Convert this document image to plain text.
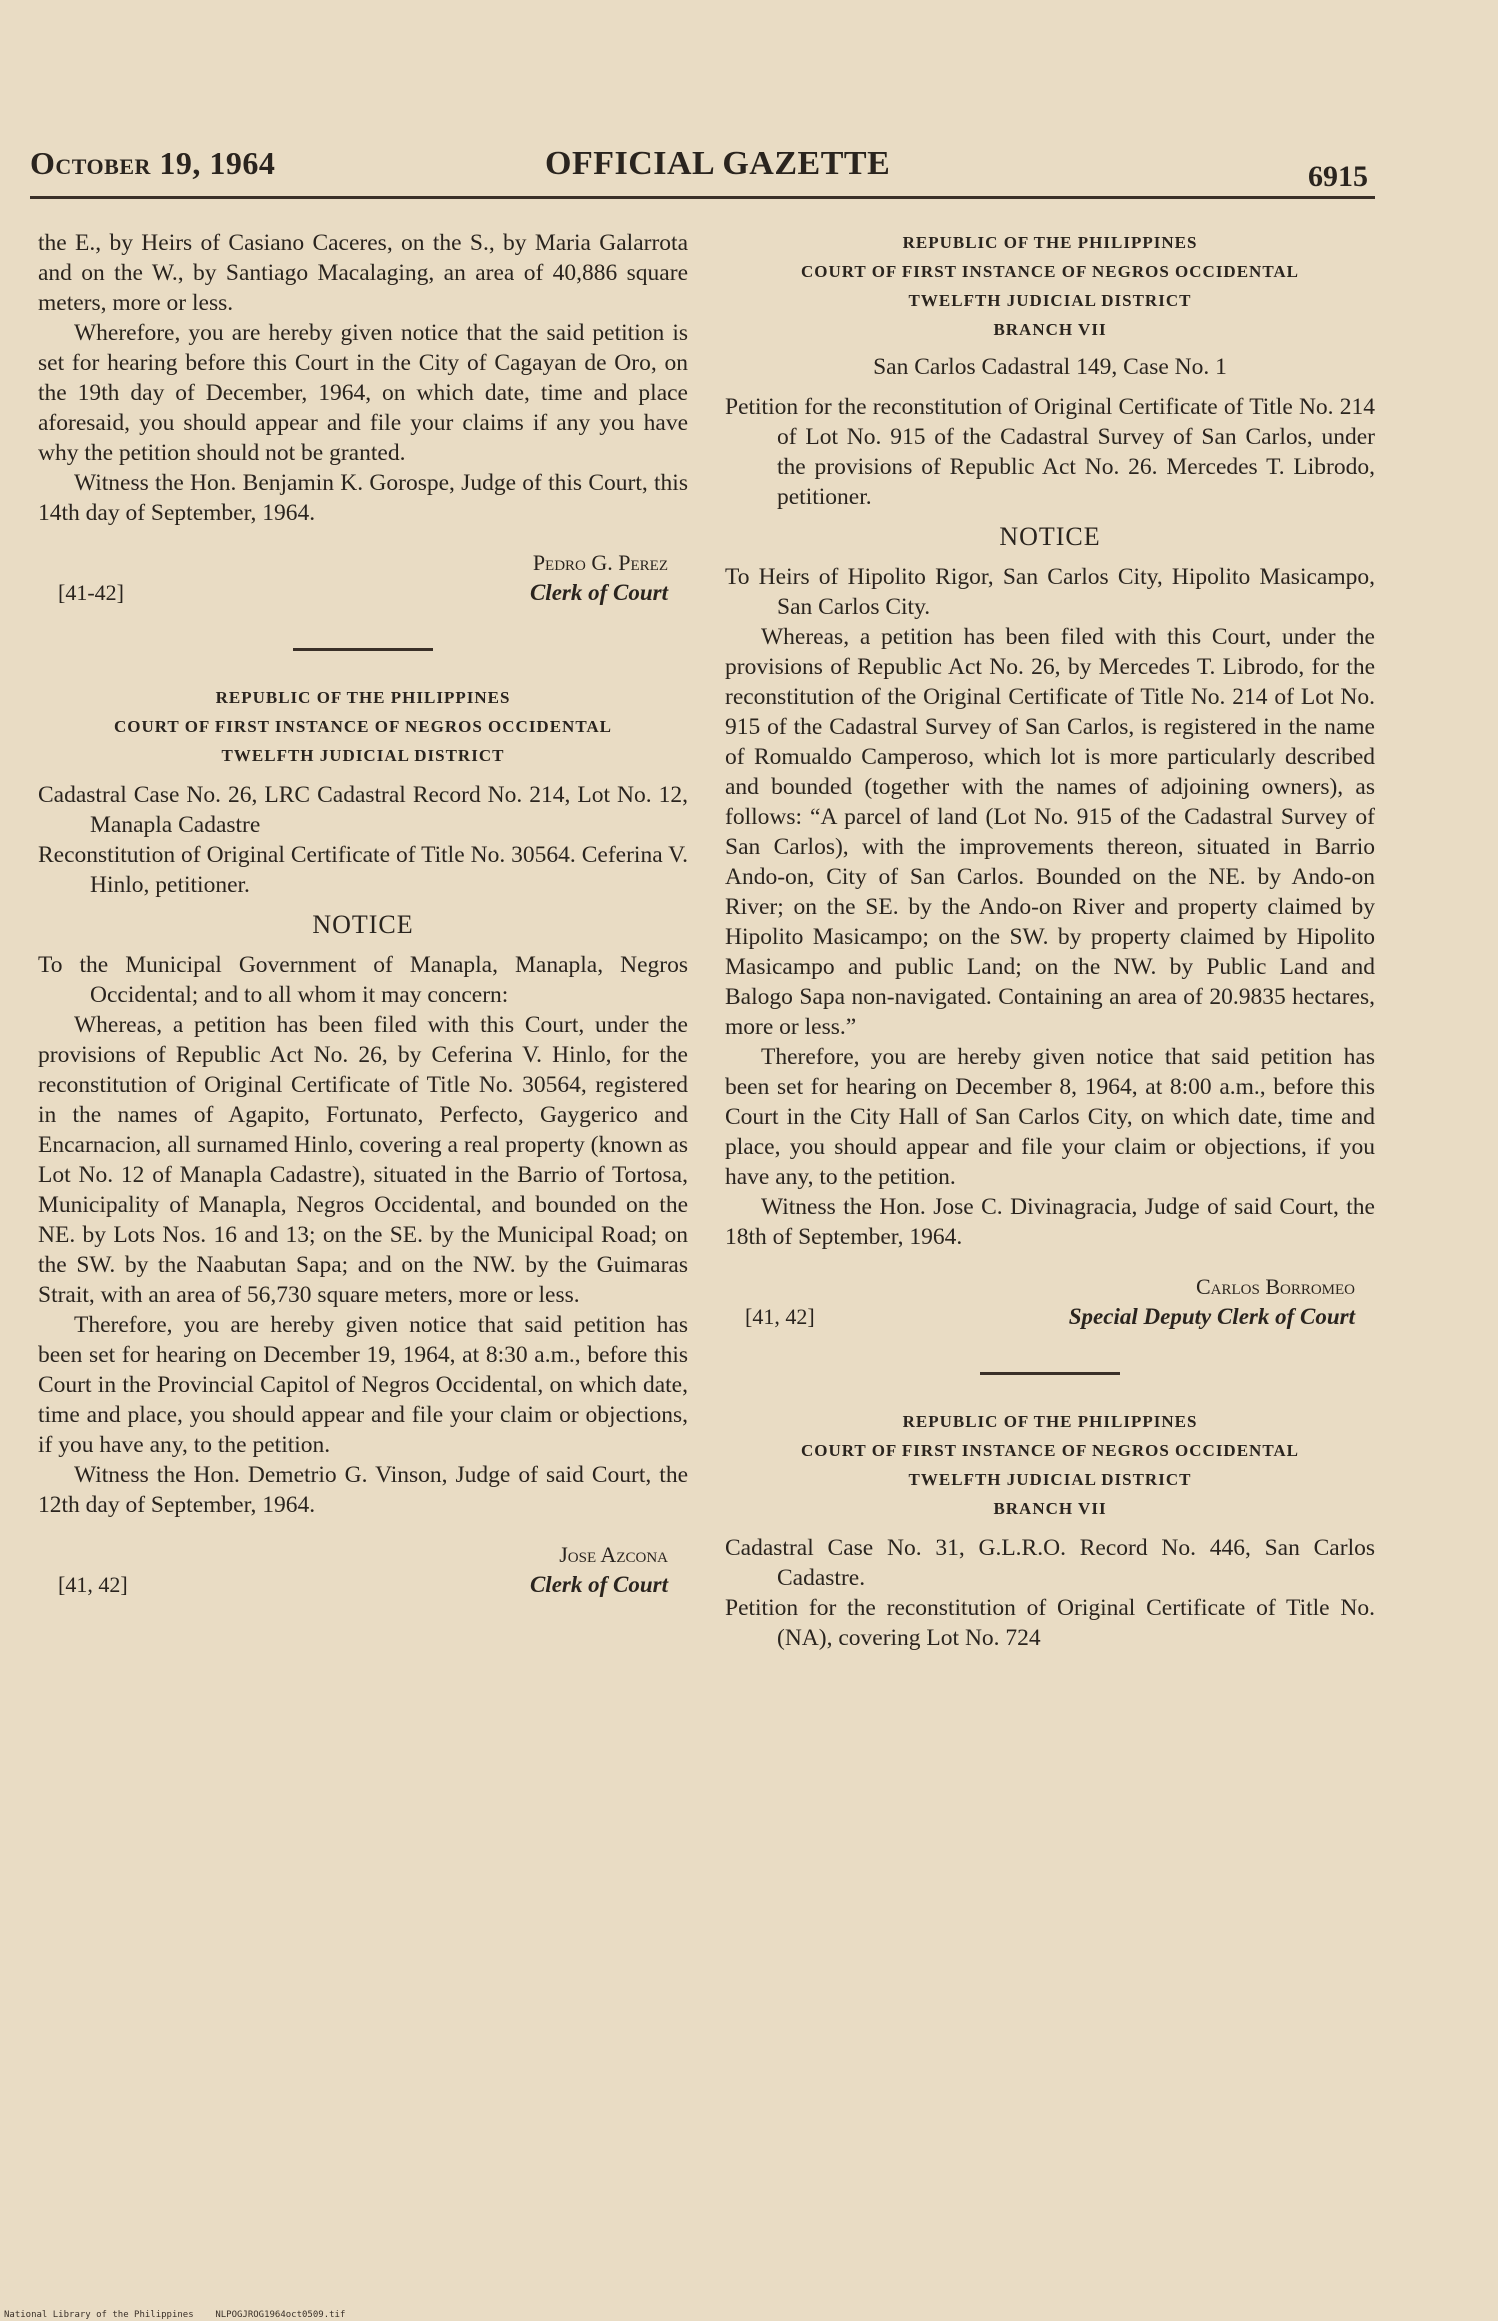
October 19, 1964	OFFICIAL GAZETTE	6915

the E., by Heirs of Casiano Caceres, on the S., by Maria Galarrota and on the W., by Santiago Macalaging, an area of 40,886 square meters, more or less.

Wherefore, you are hereby given notice that the said petition is set for hearing before this Court in the City of Cagayan de Oro, on the 19th day of December, 1964, on which date, time and place aforesaid, you should appear and file your claims if any you have why the petition should not be granted.

Witness the Hon. Benjamin K. Gorospe, Judge of this Court, this 14th day of September, 1964.

Pedro G. Perez
Clerk of Court
[41-42]
REPUBLIC OF THE PHILIPPINES
COURT OF FIRST INSTANCE OF NEGROS OCCIDENTAL
TWELFTH JUDICIAL DISTRICT

Cadastral Case No. 26, LRC Cadastral Record No. 214, Lot No. 12, Manapla Cadastre

Reconstitution of Original Certificate of Title No. 30564. Ceferina V. Hinlo, petitioner.

NOTICE

To the Municipal Government of Manapla, Manapla, Negros Occidental; and to all whom it may concern:

Whereas, a petition has been filed with this Court, under the provisions of Republic Act No. 26, by Ceferina V. Hinlo, for the reconstitution of Original Certificate of Title No. 30564, registered in the names of Agapito, Fortunato, Perfecto, Gaygerico and Encarnacion, all surnamed Hinlo, covering a real property (known as Lot No. 12 of Manapla Cadastre), situated in the Barrio of Tortosa, Municipality of Manapla, Negros Occidental, and bounded on the NE. by Lots Nos. 16 and 13; on the SE. by the Municipal Road; on the SW. by the Naabutan Sapa; and on the NW. by the Guimaras Strait, with an area of 56,730 square meters, more or less.

Therefore, you are hereby given notice that said petition has been set for hearing on December 19, 1964, at 8:30 a.m., before this Court in the Provincial Capitol of Negros Occidental, on which date, time and place, you should appear and file your claim or objections, if you have any, to the petition.

Witness the Hon. Demetrio G. Vinson, Judge of said Court, the 12th day of September, 1964.

Jose Azcona
Clerk of Court
[41, 42]
REPUBLIC OF THE PHILIPPINES
COURT OF FIRST INSTANCE OF NEGROS OCCIDENTAL
TWELFTH JUDICIAL DISTRICT
BRANCH VII
San Carlos Cadastral 149, Case No. 1

Petition for the reconstitution of Original Certificate of Title No. 214 of Lot No. 915 of the Cadastral Survey of San Carlos, under the provisions of Republic Act No. 26. Mercedes T. Librodo, petitioner.

NOTICE

To Heirs of Hipolito Rigor, San Carlos City, Hipolito Masicampo, San Carlos City.

Whereas, a petition has been filed with this Court, under the provisions of Republic Act No. 26, by Mercedes T. Librodo, for the reconstitution of the Original Certificate of Title No. 214 of Lot No. 915 of the Cadastral Survey of San Carlos, is registered in the name of Romualdo Camperoso, which lot is more particularly described and bounded (together with the names of adjoining owners), as follows: “A parcel of land (Lot No. 915 of the Cadastral Survey of San Carlos), with the improvements thereon, situated in Barrio Ando-on, City of San Carlos. Bounded on the NE. by Ando-on River; on the SE. by the Ando-on River and property claimed by Hipolito Masicampo; on the SW. by property claimed by Hipolito Masicampo and public Land; on the NW. by Public Land and Balogo Sapa non-navigated. Containing an area of 20.9835 hectares, more or less.”

Therefore, you are hereby given notice that said petition has been set for hearing on December 8, 1964, at 8:00 a.m., before this Court in the City Hall of San Carlos City, on which date, time and place, you should appear and file your claim or objections, if you have any, to the petition.

Witness the Hon. Jose C. Divinagracia, Judge of said Court, the 18th of September, 1964.

Carlos Borromeo
Special Deputy Clerk of Court
[41, 42]
REPUBLIC OF THE PHILIPPINES
COURT OF FIRST INSTANCE OF NEGROS OCCIDENTAL
TWELFTH JUDICIAL DISTRICT
BRANCH VII

Cadastral Case No. 31, G.L.R.O. Record No. 446, San Carlos Cadastre.

Petition for the reconstitution of Original Certificate of Title No. (NA), covering Lot No. 724

National Library of the Philippines    NLPOGJROG1964oct0509.tif
